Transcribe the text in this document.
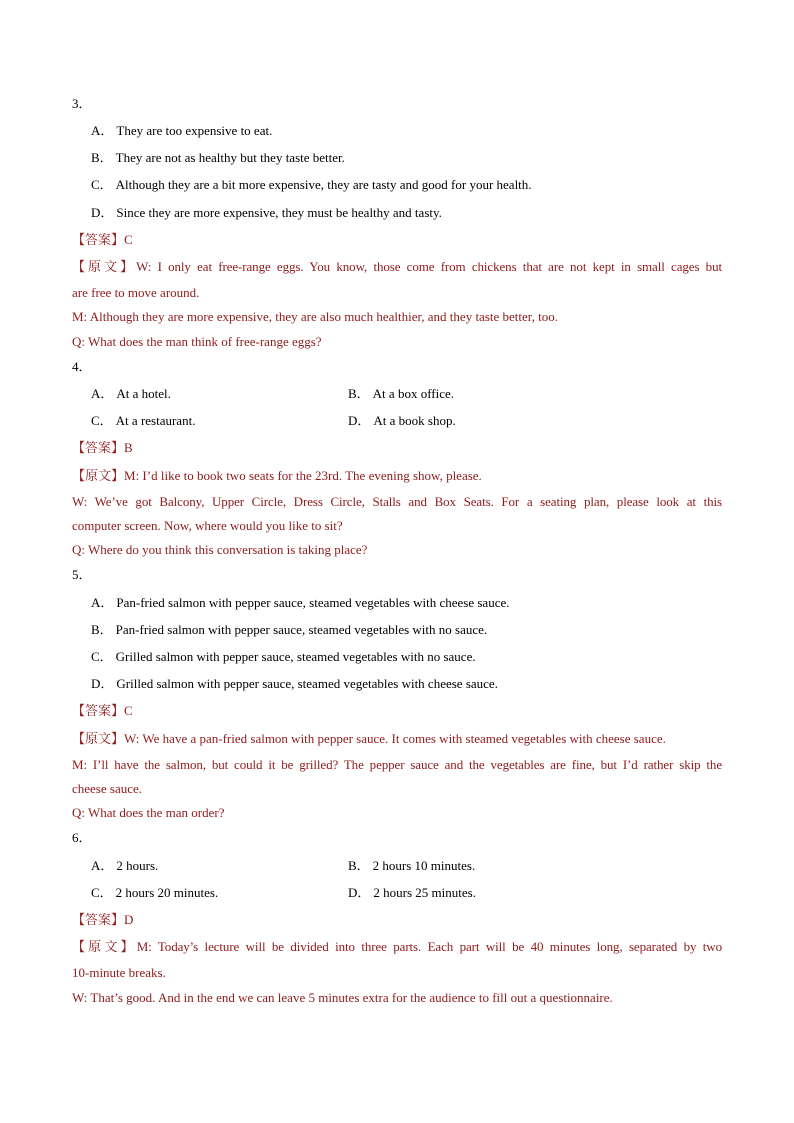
3．
A． They are too expensive to eat.
B． They are not as healthy but they taste better.
C． Although they are a bit more expensive, they are tasty and good for your health.
D． Since they are more expensive, they must be healthy and tasty.
【答案】C
【原文】W: I only eat free-range eggs. You know, those come from chickens that are not kept in small cages but
are free to move around.
M: Although they are more expensive, they are also much healthier, and they taste better, too.
Q: What does the man think of free-range eggs?
4．
A． At a hotel.	B． At a box office.
C． At a restaurant.	D． At a book shop.
【答案】B
【原文】M: I’d like to book two seats for the 23rd. The evening show, please.
W: We’ve got Balcony, Upper Circle, Dress Circle, Stalls and Box Seats. For a seating plan, please look at this
computer screen. Now, where would you like to sit?
Q: Where do you think this conversation is taking place?
5．
A． Pan-fried salmon with pepper sauce, steamed vegetables with cheese sauce.
B． Pan-fried salmon with pepper sauce, steamed vegetables with no sauce.
C． Grilled salmon with pepper sauce, steamed vegetables with no sauce.
D． Grilled salmon with pepper sauce, steamed vegetables with cheese sauce.
【答案】C
【原文】W: We have a pan-fried salmon with pepper sauce. It comes with steamed vegetables with cheese sauce.
M: I’ll have the salmon, but could it be grilled? The pepper sauce and the vegetables are fine, but I’d rather skip the
cheese sauce.
Q: What does the man order?
6．
A． 2 hours.	B． 2 hours 10 minutes.
C． 2 hours 20 minutes.	D． 2 hours 25 minutes.
【答案】D
【原文】M: Today’s lecture will be divided into three parts. Each part will be 40 minutes long, separated by two
10-minute breaks.
W: That’s good. And in the end we can leave 5 minutes extra for the audience to fill out a questionnaire.
